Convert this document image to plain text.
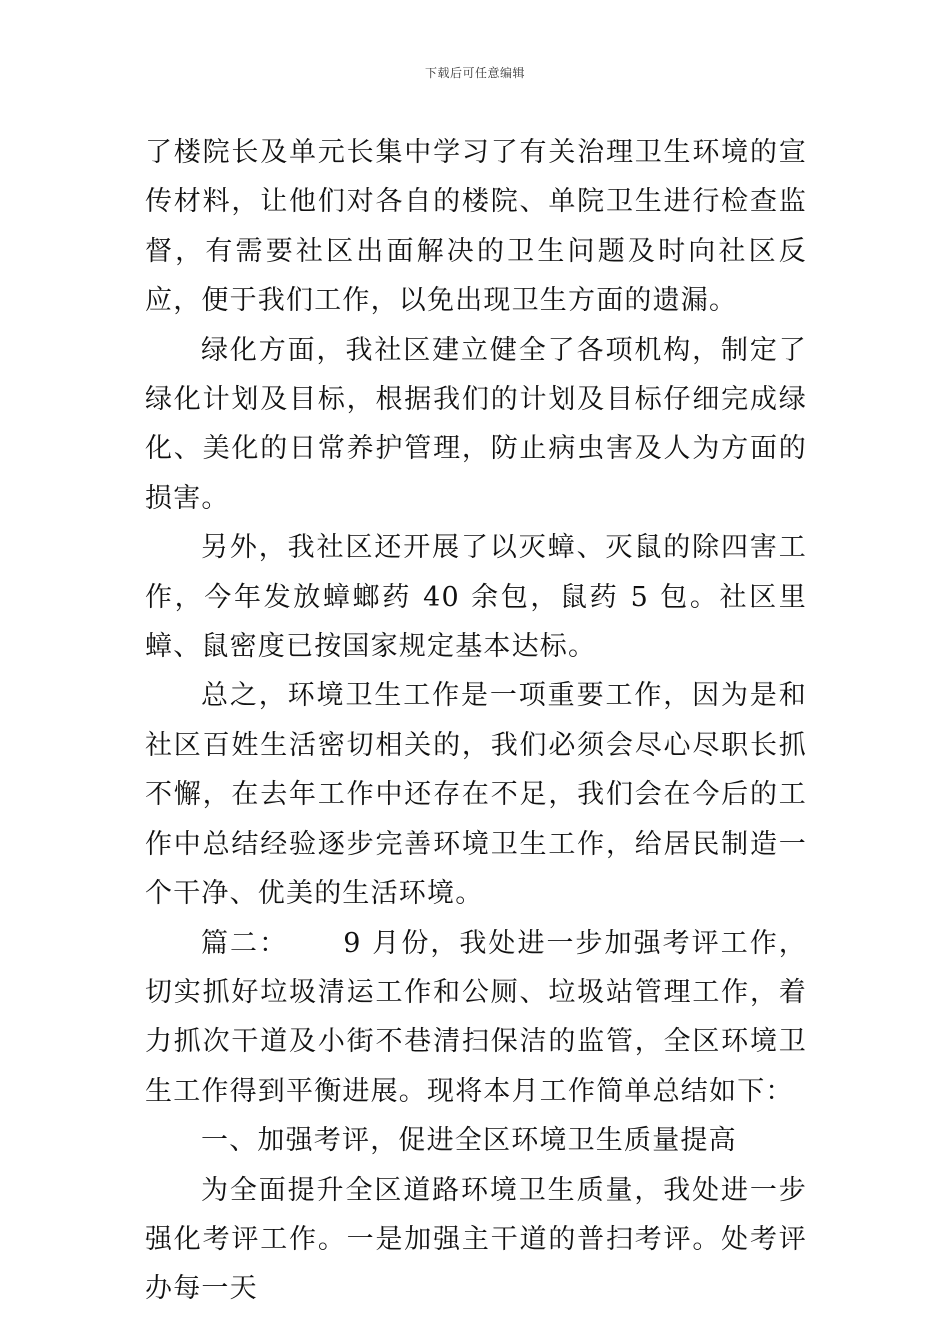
下载后可任意编辑

了楼院长及单元长集中学习了有关治理卫生环境的宣传材料，让他们对各自的楼院、单院卫生进行检查监督，有需要社区出面解决的卫生问题及时向社区反应，便于我们工作，以免出现卫生方面的遗漏。

绿化方面，我社区建立健全了各项机构，制定了绿化计划及目标，根据我们的计划及目标仔细完成绿化、美化的日常养护管理，防止病虫害及人为方面的损害。

另外，我社区还开展了以灭蟑、灭鼠的除四害工作，今年发放蟑螂药 40 余包，鼠药 5 包。社区里蟑、鼠密度已按国家规定基本达标。

总之，环境卫生工作是一项重要工作，因为是和社区百姓生活密切相关的，我们必须会尽心尽职长抓不懈，在去年工作中还存在不足，我们会在今后的工作中总结经验逐步完善环境卫生工作，给居民制造一个干净、优美的生活环境。

篇二：　　 9 月份，我处进一步加强考评工作，切实抓好垃圾清运工作和公厕、垃圾站管理工作，着力抓次干道及小街不巷清扫保洁的监管，全区环境卫生工作得到平衡进展。现将本月工作简单总结如下：

一、加强考评，促进全区环境卫生质量提高

为全面提升全区道路环境卫生质量，我处进一步强化考评工作。一是加强主干道的普扫考评。处考评办每一天
